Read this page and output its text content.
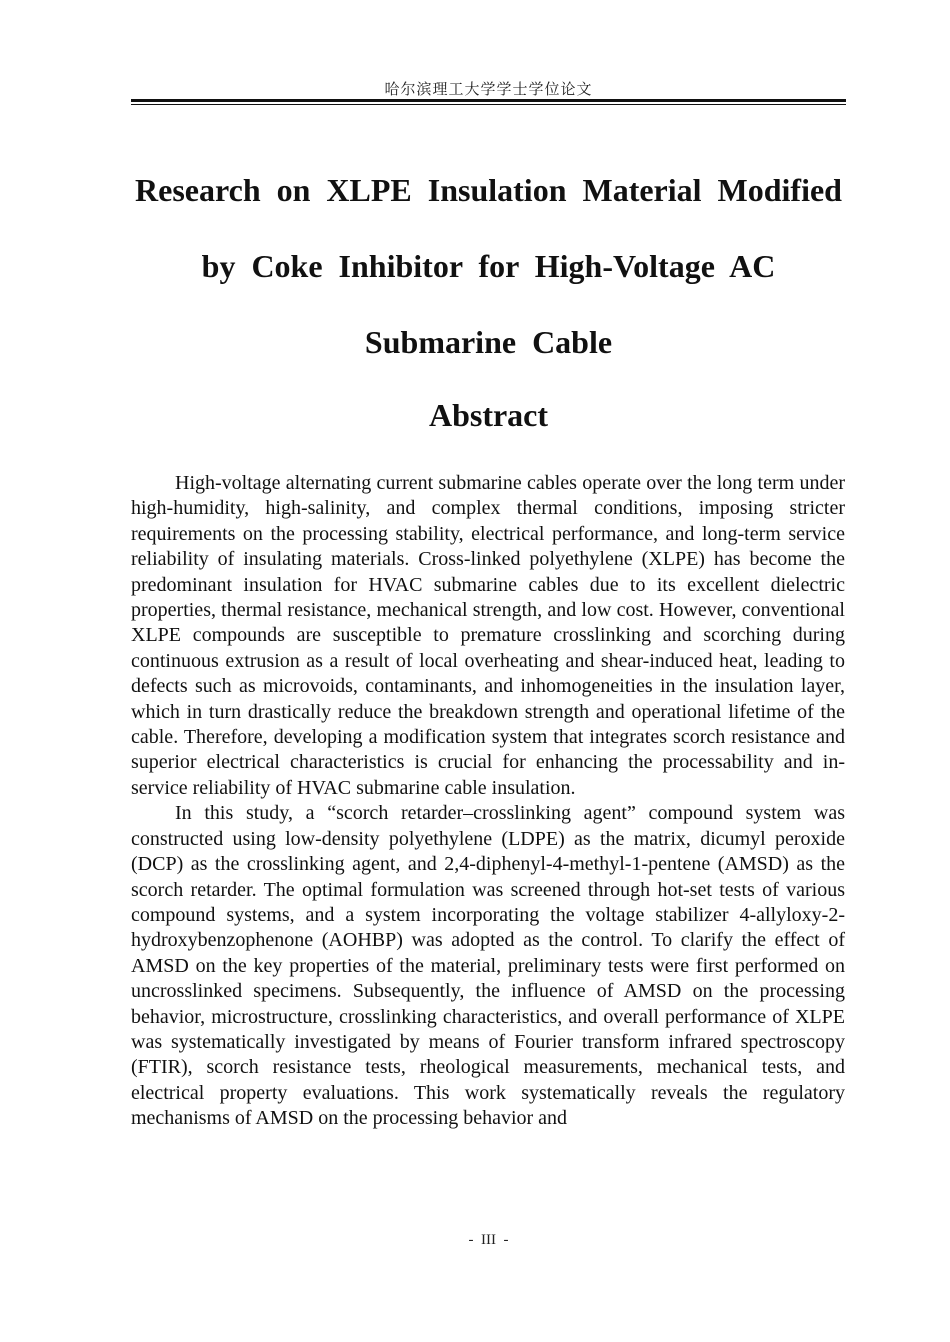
哈尔滨理工大学学士学位论文
Research on XLPE Insulation Material Modified by Coke Inhibitor for High-Voltage AC Submarine Cable
Abstract

High-voltage alternating current submarine cables operate over the long term under high-humidity, high-salinity, and complex thermal conditions, imposing stricter requirements on the processing stability, electrical performance, and long-term service reliability of insulating materials. Cross-linked polyethylene (XLPE) has become the predominant insulation for HVAC submarine cables due to its excellent dielectric properties, thermal resistance, mechanical strength, and low cost. However, conventional XLPE compounds are susceptible to premature crosslinking and scorching during continuous extrusion as a result of local overheating and shear-induced heat, leading to defects such as microvoids, contaminants, and inhomogeneities in the insulation layer, which in turn drastically reduce the breakdown strength and operational lifetime of the cable. Therefore, developing a modification system that integrates scorch resistance and superior electrical characteristics is crucial for enhancing the processability and in-service reliability of HVAC submarine cable insulation.

In this study, a “scorch retarder–crosslinking agent” compound system was constructed using low-density polyethylene (LDPE) as the matrix, dicumyl peroxide (DCP) as the crosslinking agent, and 2,4-diphenyl-4-methyl-1-pentene (AMSD) as the scorch retarder. The optimal formulation was screened through hot-set tests of various compound systems, and a system incorporating the voltage stabilizer 4-allyloxy-2-hydroxybenzophenone (AOHBP) was adopted as the control. To clarify the effect of AMSD on the key properties of the material, preliminary tests were first performed on uncrosslinked specimens. Subsequently, the influence of AMSD on the processing behavior, microstructure, crosslinking characteristics, and overall performance of XLPE was systematically investigated by means of Fourier transform infrared spectroscopy (FTIR), scorch resistance tests, rheological measurements, mechanical tests, and electrical property evaluations. This work systematically reveals the regulatory mechanisms of AMSD on the processing behavior and

-  III  -
